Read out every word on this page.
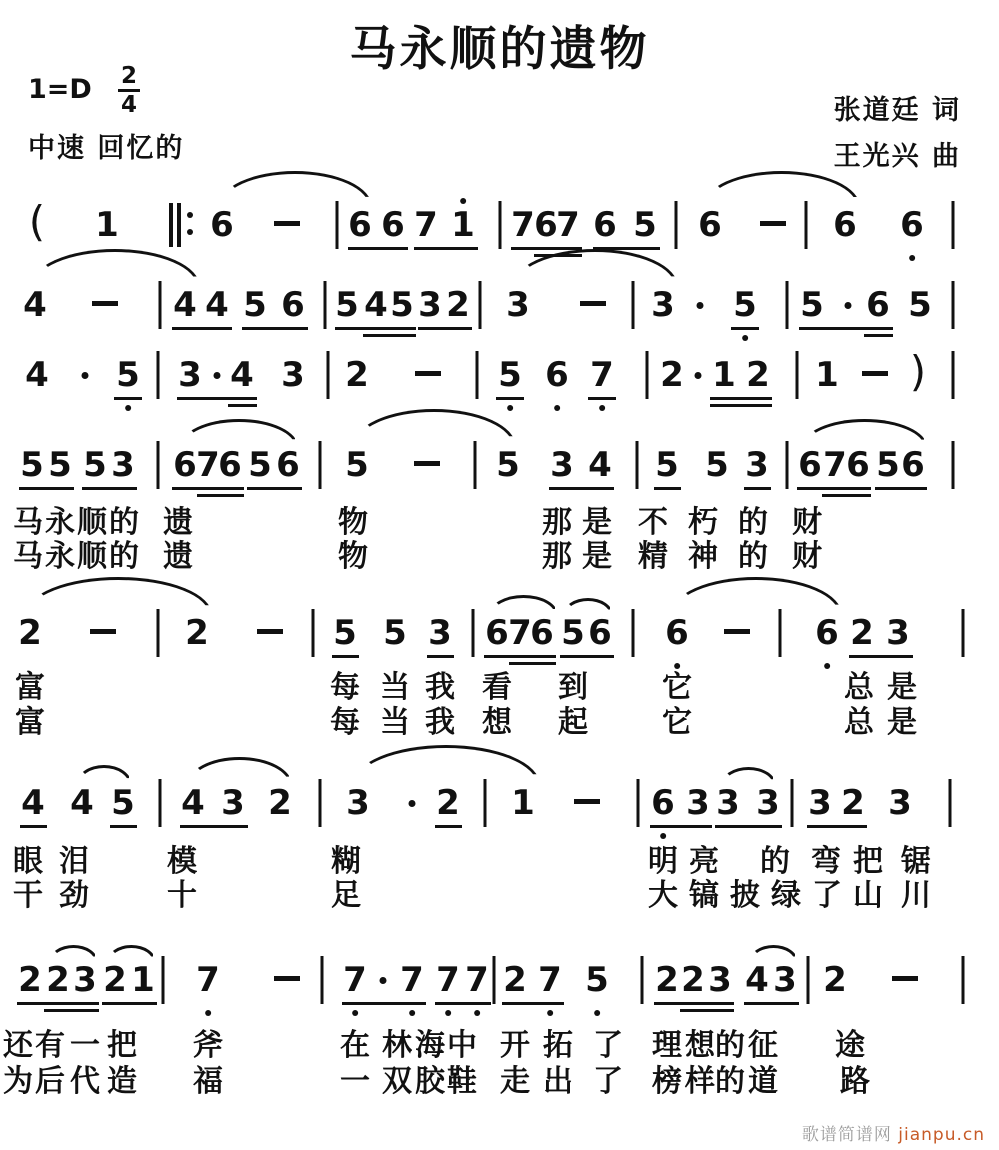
马永顺的遗物
1=D	2
4
中速 回忆的
张道廷 词
王光兴 曲
( 1	6	6 6 7 1 7 6
7 6 5 6	6 6
4	4 4 5 6 5 4 5 3 2 3	3 5 5 6 5
4 5 3 4 3 2	5 6 7 2 1 2 1 )
5 5 5 3 6 7
6 5 6 5	5 3 4 5 5 3 6 7 6 5 6
马 永 顺 的 遗	物	那 是 不 朽 的 财
马 永 顺 的 遗	物	那 是 精 神 的 财
2	2	5 5 3 6 7
6 5 6 6	6 2 3
富	每 当 我 看 到 它	总 是
富	每 当 我 想 起 它	总 是
4 4 5 4 3 2 3 2 1	6 3 3 3 3 2 3
眼 泪	模	糊	明 亮 的 弯 把 锯
干 劲	十	足	大 镐 披 绿 了 山 川
2 2 3 2 1 7	7 7 7 7 2 7 5 2 2 3 4 3 2
还 有 一 把 斧	在 林 海 中 开 拓 了 理 想 的 征 途
为 后 代 造 福	一 双 胶 鞋 走 出 了 榜 样 的 道 路
歌谱简谱网 jianpu.cn
